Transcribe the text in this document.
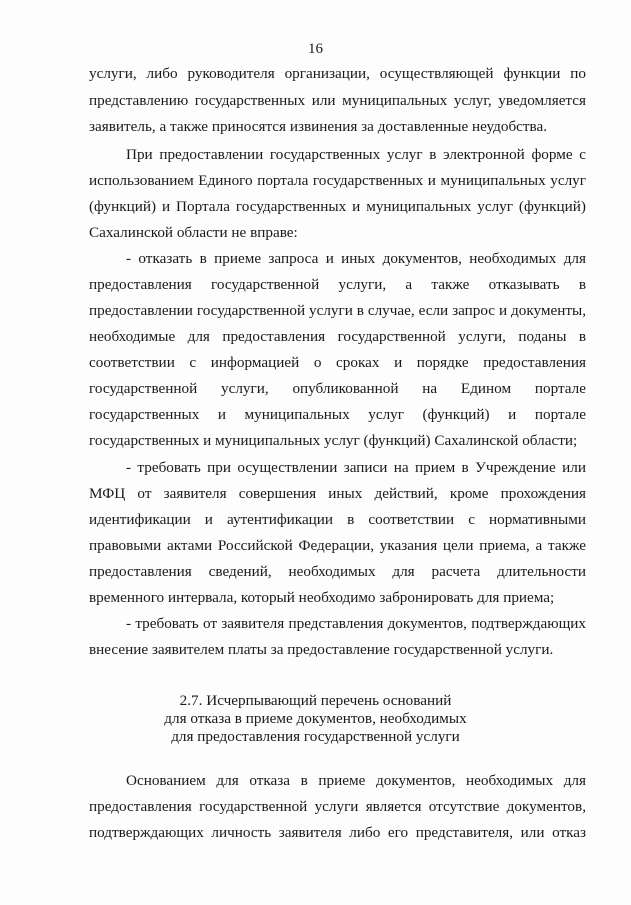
16
услуги, либо руководителя организации, осуществляющей функции по
представлению государственных или муниципальных услуг, уведомляется
заявитель, а также приносятся извинения за доставленные неудобства.
При предоставлении государственных услуг в электронной форме с
использованием Единого портала государственных и муниципальных услуг
(функций) и Портала государственных и муниципальных услуг (функций)
Сахалинской области не вправе:
- отказать в приеме запроса и иных документов, необходимых для
предоставления государственной услуги, а также отказывать в
предоставлении государственной услуги в случае, если запрос и документы,
необходимые для предоставления государственной услуги, поданы в
соответствии с информацией о сроках и порядке предоставления
государственной услуги, опубликованной на Едином портале
государственных и муниципальных услуг (функций) и портале
государственных и муниципальных услуг (функций) Сахалинской области;
- требовать при осуществлении записи на прием в Учреждение или
МФЦ от заявителя совершения иных действий, кроме прохождения
идентификации и аутентификации в соответствии с нормативными
правовыми актами Российской Федерации, указания цели приема, а также
предоставления сведений, необходимых для расчета длительности
временного интервала, который необходимо забронировать для приема;
- требовать от заявителя представления документов, подтверждающих
внесение заявителем платы за предоставление государственной услуги.
2.7. Исчерпывающий перечень оснований
для отказа в приеме документов, необходимых
для предоставления государственной услуги
Основанием для отказа в приеме документов, необходимых для
предоставления государственной услуги является отсутствие документов,
подтверждающих личность заявителя либо его представителя, или отказ
